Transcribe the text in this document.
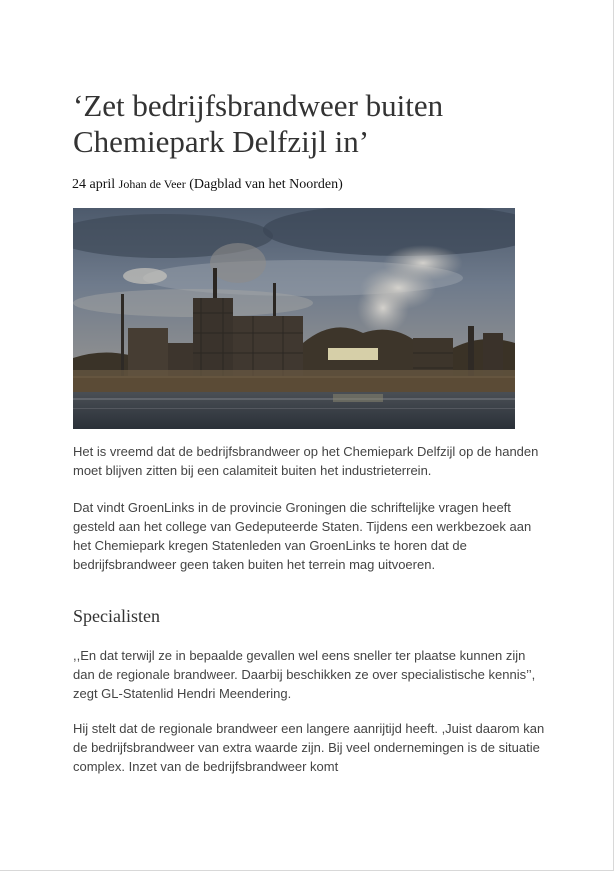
‘Zet bedrijfsbrandweer buiten Chemiepark Delfzijl in’
24 april Johan de Veer (Dagblad van het Noorden)

Het is vreemd dat de bedrijfsbrandweer op het Chemiepark Delfzijl op de handen moet blijven zitten bij een calamiteit buiten het industrieterrein.

Dat vindt GroenLinks in de provincie Groningen die schriftelijke vragen heeft gesteld aan het college van Gedeputeerde Staten. Tijdens een werkbezoek aan het Chemiepark kregen Statenleden van GroenLinks te horen dat de bedrijfsbrandweer geen taken buiten het terrein mag uitvoeren.

Specialisten

,,En dat terwijl ze in bepaalde gevallen wel eens sneller ter plaatse kunnen zijn dan de regionale brandweer. Daarbij beschikken ze over specialistische kennis’’, zegt GL-Statenlid Hendri Meendering.

Hij stelt dat de regionale brandweer een langere aanrijtijd heeft. ,Juist daarom kan de bedrijfsbrandweer van extra waarde zijn. Bij veel ondernemingen is de situatie complex. Inzet van de bedrijfsbrandweer komt
